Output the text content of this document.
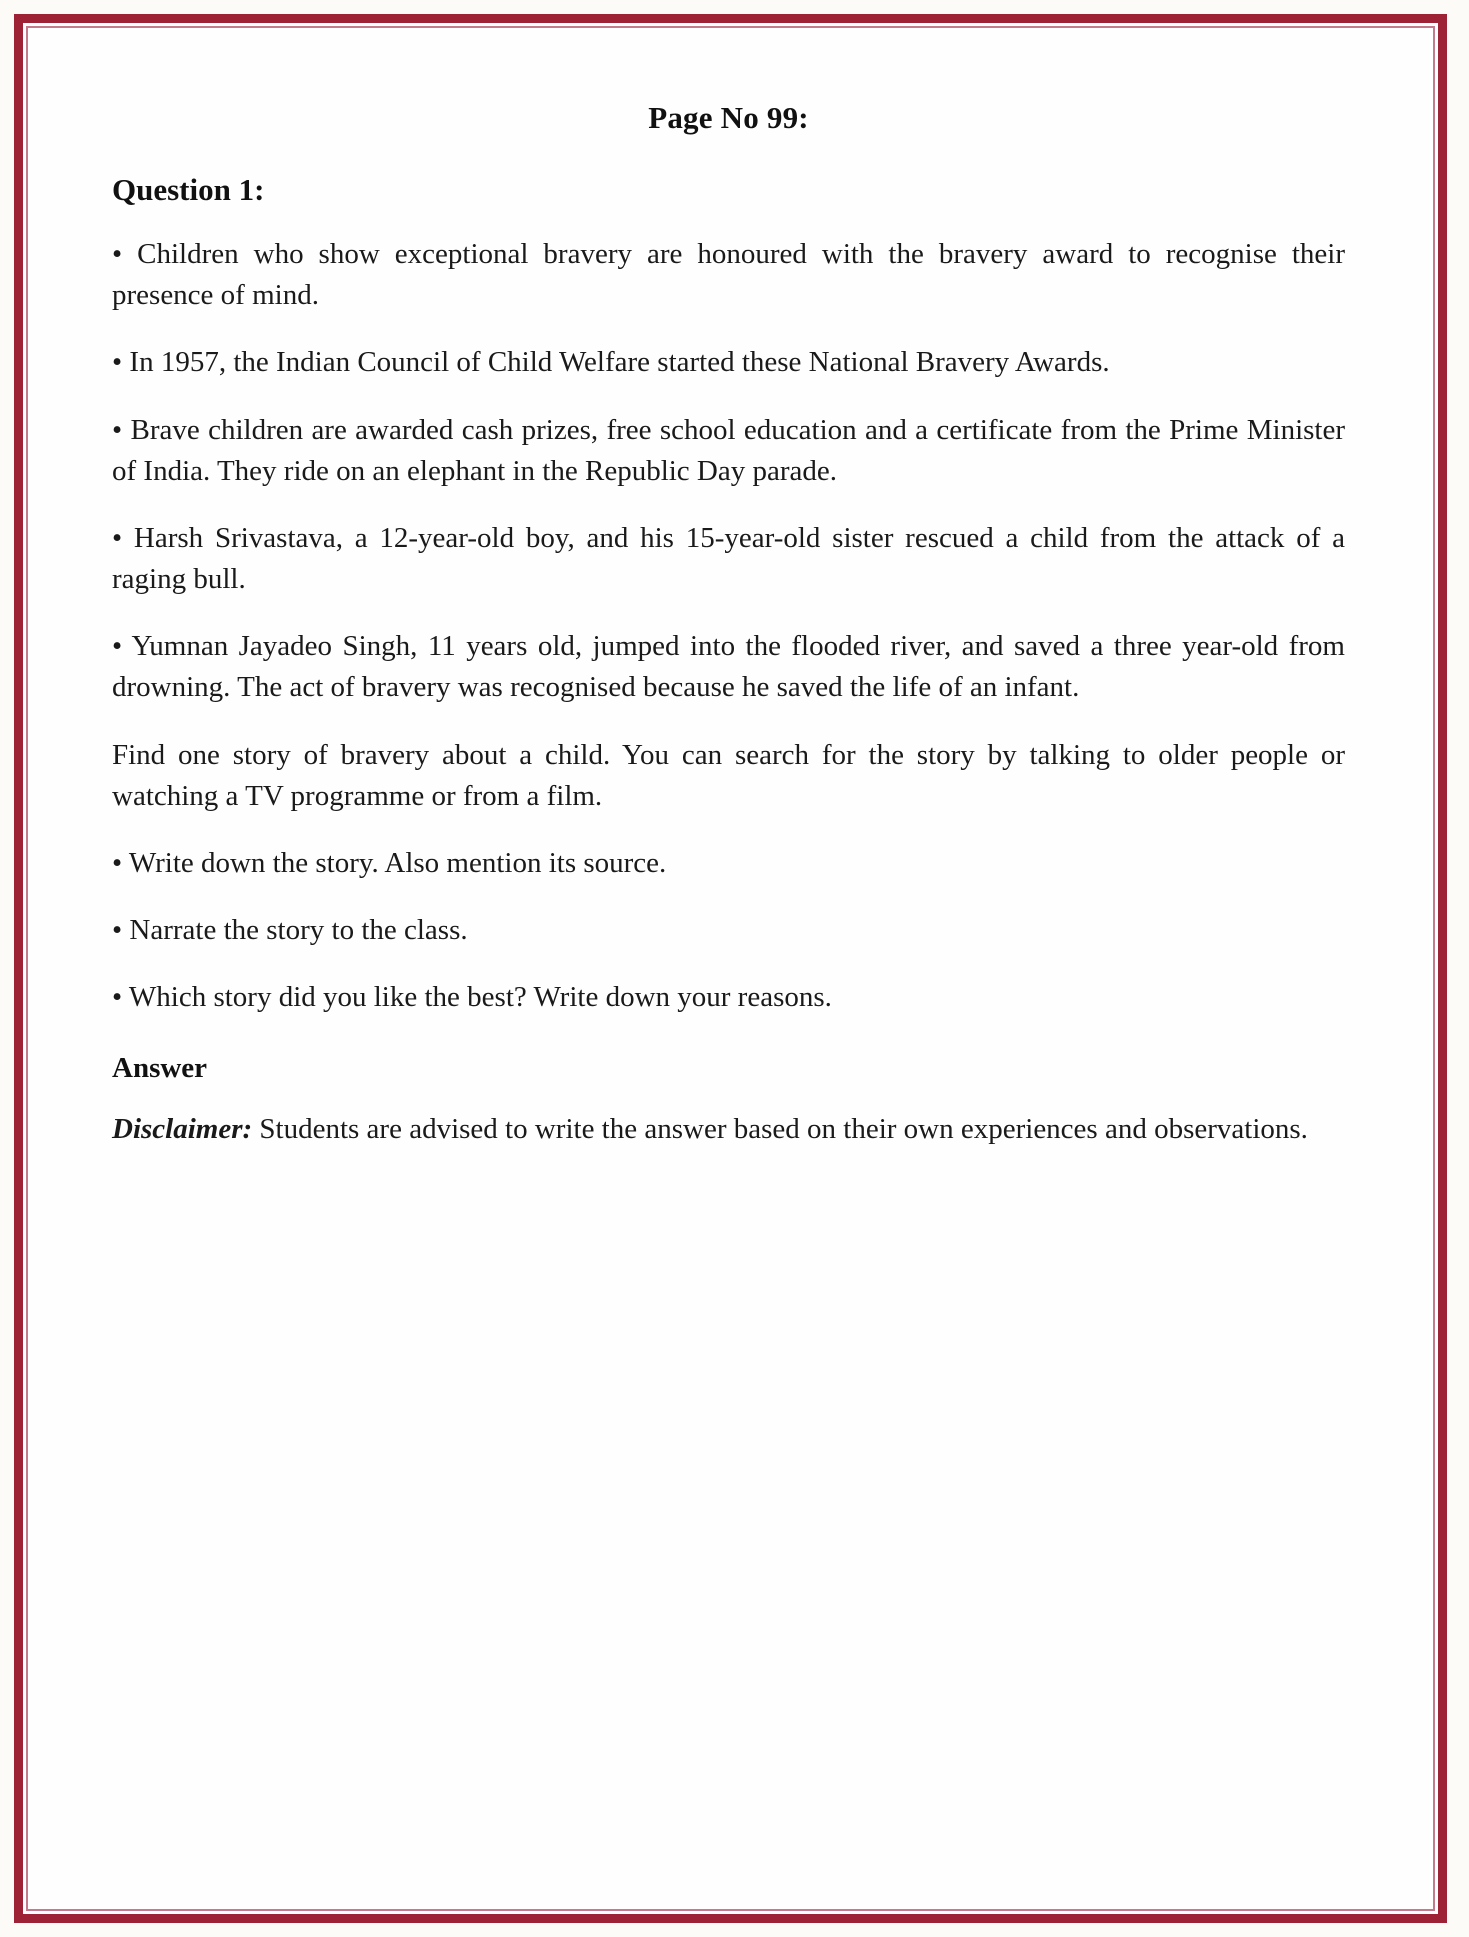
Page No 99:
Question 1:

• Children who show exceptional bravery are honoured with the bravery award to recognise their presence of mind.

• In 1957, the Indian Council of Child Welfare started these National Bravery Awards.

• Brave children are awarded cash prizes, free school education and a certificate from the Prime Minister of India. They ride on an elephant in the Republic Day parade.

• Harsh Srivastava, a 12-year-old boy, and his 15-year-old sister rescued a child from the attack of a raging bull.

• Yumnan Jayadeo Singh, 11 years old, jumped into the flooded river, and saved a three year-old from drowning. The act of bravery was recognised because he saved the life of an infant.

Find one story of bravery about a child. You can search for the story by talking to older people or watching a TV programme or from a film.

• Write down the story. Also mention its source.

• Narrate the story to the class.

• Which story did you like the best? Write down your reasons.

Answer

Disclaimer: Students are advised to write the answer based on their own experiences and observations.
